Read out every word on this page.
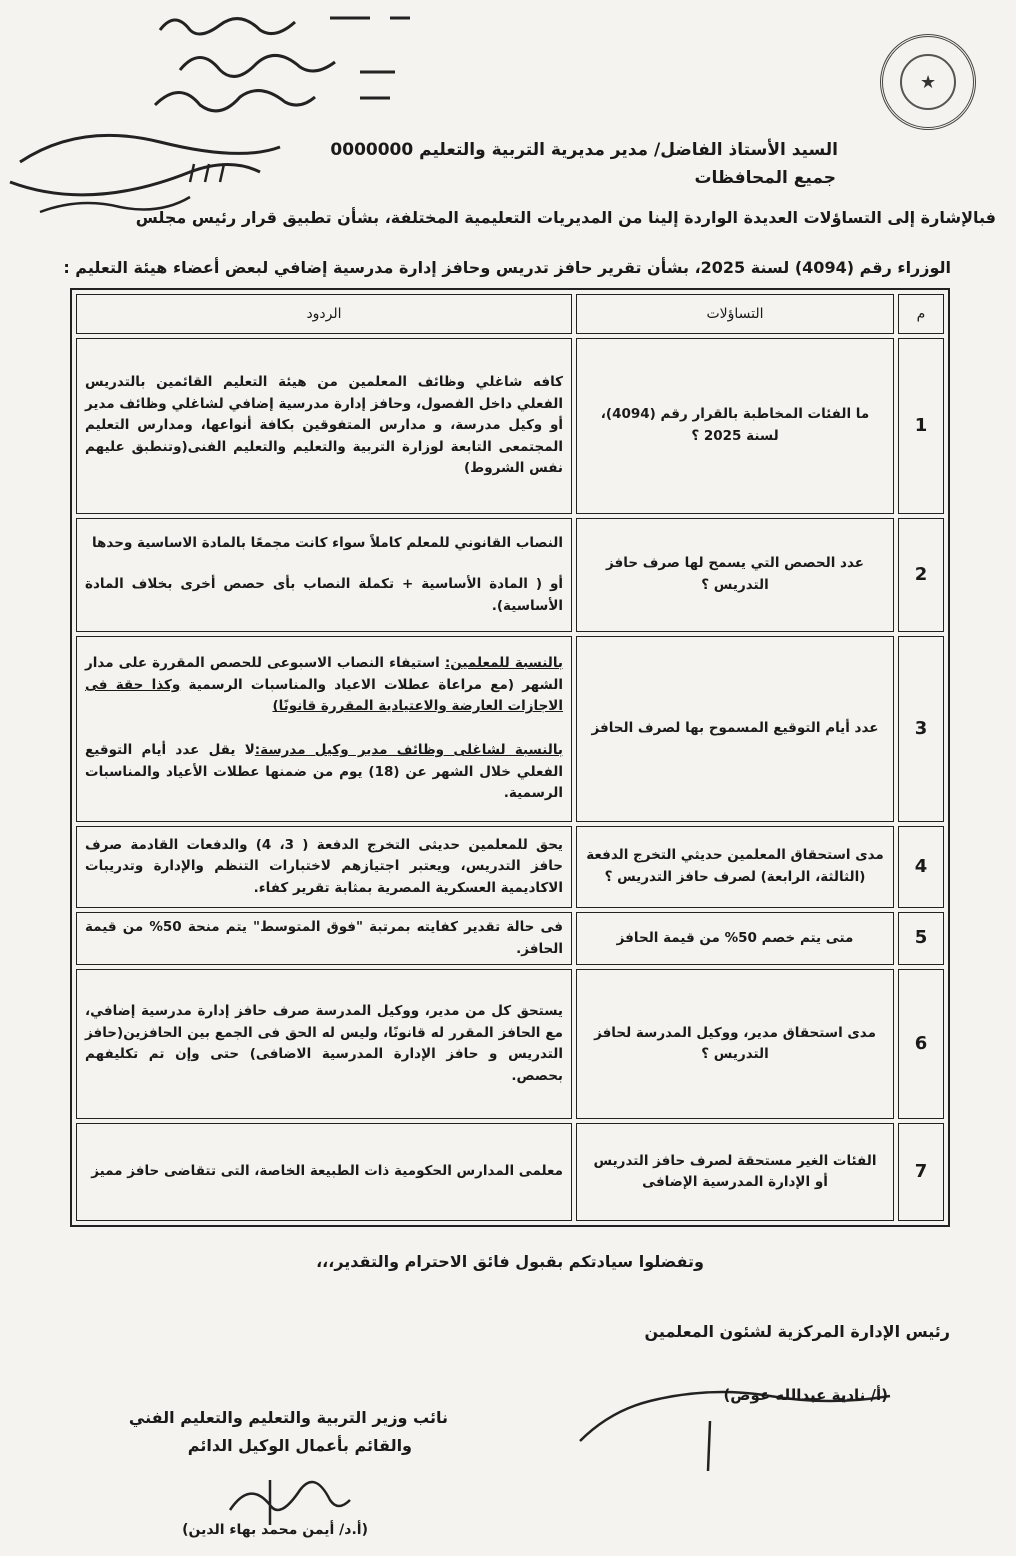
★
السيد الأستاذ الفاضل/ مدير مديرية التربية والتعليم 0000000
جميع المحافظات
فبالإشارة إلى التساؤلات العديدة الواردة إلينا من المديريات التعليمية المختلفة، بشأن تطبيق قرار رئيس مجلس
الوزراء رقم (4094) لسنة 2025، بشأن تقرير حافز تدريس وحافز إدارة مدرسية إضافي لبعض أعضاء هيئة التعليم :
م	التساؤلات	الردود
1	ما الفئات المخاطبة بالقرار رقم (4094)، لسنة 2025 ؟	كافه شاغلي وظائف المعلمين من هيئة التعليم القائمين بالتدريس الفعلي داخل الفصول، وحافز إدارة مدرسية إضافي لشاغلي وظائف مدير أو وكيل مدرسة، و مدارس المتفوقين بكافة أنواعها، ومدارس التعليم المجتمعى التابعة لوزارة التربية والتعليم والتعليم الفنى(وتنطبق عليهم نفس الشروط)
2	عدد الحصص التي يسمح لها صرف حافز التدريس ؟	النصاب القانوني للمعلم كاملاً سواء كانت مجمعًا بالمادة الاساسية وحدها
أو ( المادة الأساسية + تكملة النصاب بأى حصص أخرى بخلاف المادة الأساسية).

3	عدد أيام التوقيع المسموح بها لصرف الحافز	بالنسبة للمعلمين: استيفاء النصاب الاسبوعى للحصص المقررة على مدار الشهر (مع مراعاة عطلات الاعياد والمناسبات الرسمية وكذا حقة فى الاجازات العارضة والاعتيادية المقررة قانونًا)
بالنسبة لشاغلى وظائف مدير وكيل مدرسة:لا يقل عدد أيام التوقيع الفعلي خلال الشهر عن (18) يوم من ضمنها عطلات الأعياد والمناسبات الرسمية.

4	مدى استحقاق المعلمين حديثي التخرج الدفعة (الثالثة، الرابعة) لصرف حافز التدريس ؟	يحق للمعلمين حديثى التخرج الدفعة ( 3، 4) والدفعات القادمة صرف حافز التدريس، ويعتبر اجتيازهم لاختبارات التنظم والإدارة وتدريبات الاكاديمية العسكرية المصرية بمثابة تقرير كفاء.
5	متى يتم خصم 50% من قيمة الحافز	فى حالة تقدير كفايته بمرتبة "فوق المتوسط" يتم منحة 50% من قيمة الحافز.
6	مدى استحقاق مدير، ووكيل المدرسة لحافز التدريس ؟	يستحق كل من مدير، ووكيل المدرسة صرف حافز إدارة مدرسية إضافي، مع الحافز المقرر له قانونًا، وليس له الحق فى الجمع بين الحافزين(حافز التدريس و حافز الإدارة المدرسية الاضافى) حتى وإن تم تكليفهم بحصص.
7	الفئات الغير مستحقة لصرف حافز التدريس أو الإدارة المدرسية الإضافى	معلمى المدارس الحكومية ذات الطبيعة الخاصة، التى تتقاضى حافز مميز
وتفضلوا سيادتكم بقبول فائق الاحترام والتقدير،،،
رئيس الإدارة المركزية لشئون المعلمين
(أ/ نادية عبدالله عوض)
نائب وزير التربية والتعليم والتعليم الفني
والقائم بأعمال الوكيل الدائم
(أ.د/ أيمن محمد بهاء الدين)
